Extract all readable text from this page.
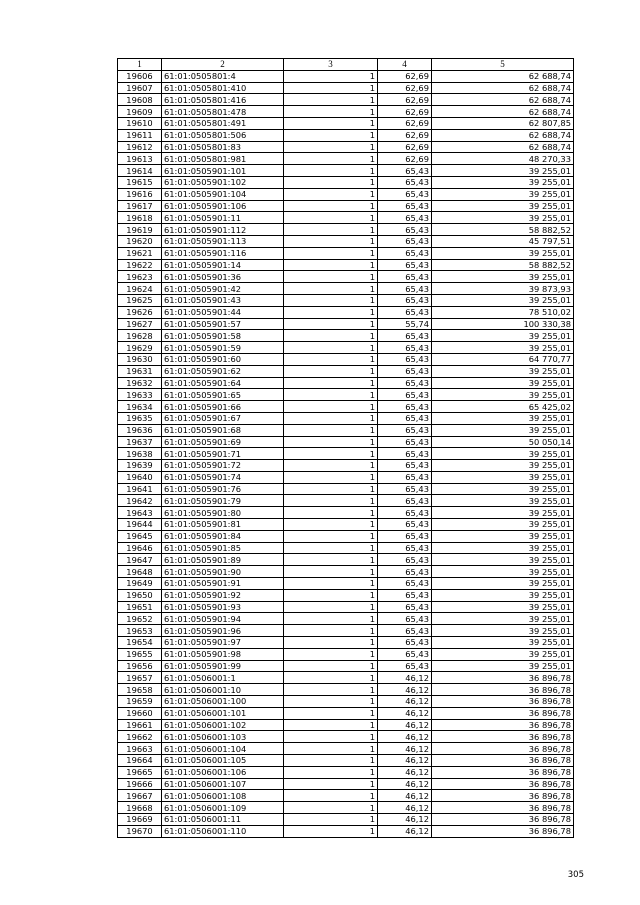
1	2	3	4	5
19606	61:01:0505801:4	1	62,69	62 688,74
19607	61:01:0505801:410	1	62,69	62 688,74
19608	61:01:0505801:416	1	62,69	62 688,74
19609	61:01:0505801:478	1	62,69	62 688,74
19610	61:01:0505801:491	1	62,69	62 807,85
19611	61:01:0505801:506	1	62,69	62 688,74
19612	61:01:0505801:83	1	62,69	62 688,74
19613	61:01:0505801:981	1	62,69	48 270,33
19614	61:01:0505901:101	1	65,43	39 255,01
19615	61:01:0505901:102	1	65,43	39 255,01
19616	61:01:0505901:104	1	65,43	39 255,01
19617	61:01:0505901:106	1	65,43	39 255,01
19618	61:01:0505901:11	1	65,43	39 255,01
19619	61:01:0505901:112	1	65,43	58 882,52
19620	61:01:0505901:113	1	65,43	45 797,51
19621	61:01:0505901:116	1	65,43	39 255,01
19622	61:01:0505901:14	1	65,43	58 882,52
19623	61:01:0505901:36	1	65,43	39 255,01
19624	61:01:0505901:42	1	65,43	39 873,93
19625	61:01:0505901:43	1	65,43	39 255,01
19626	61:01:0505901:44	1	65,43	78 510,02
19627	61:01:0505901:57	1	55,74	100 330,38
19628	61:01:0505901:58	1	65,43	39 255,01
19629	61:01:0505901:59	1	65,43	39 255,01
19630	61:01:0505901:60	1	65,43	64 770,77
19631	61:01:0505901:62	1	65,43	39 255,01
19632	61:01:0505901:64	1	65,43	39 255,01
19633	61:01:0505901:65	1	65,43	39 255,01
19634	61:01:0505901:66	1	65,43	65 425,02
19635	61:01:0505901:67	1	65,43	39 255,01
19636	61:01:0505901:68	1	65,43	39 255,01
19637	61:01:0505901:69	1	65,43	50 050,14
19638	61:01:0505901:71	1	65,43	39 255,01
19639	61:01:0505901:72	1	65,43	39 255,01
19640	61:01:0505901:74	1	65,43	39 255,01
19641	61:01:0505901:76	1	65,43	39 255,01
19642	61:01:0505901:79	1	65,43	39 255,01
19643	61:01:0505901:80	1	65,43	39 255,01
19644	61:01:0505901:81	1	65,43	39 255,01
19645	61:01:0505901:84	1	65,43	39 255,01
19646	61:01:0505901:85	1	65,43	39 255,01
19647	61:01:0505901:89	1	65,43	39 255,01
19648	61:01:0505901:90	1	65,43	39 255,01
19649	61:01:0505901:91	1	65,43	39 255,01
19650	61:01:0505901:92	1	65,43	39 255,01
19651	61:01:0505901:93	1	65,43	39 255,01
19652	61:01:0505901:94	1	65,43	39 255,01
19653	61:01:0505901:96	1	65,43	39 255,01
19654	61:01:0505901:97	1	65,43	39 255,01
19655	61:01:0505901:98	1	65,43	39 255,01
19656	61:01:0505901:99	1	65,43	39 255,01
19657	61:01:0506001:1	1	46,12	36 896,78
19658	61:01:0506001:10	1	46,12	36 896,78
19659	61:01:0506001:100	1	46,12	36 896,78
19660	61:01:0506001:101	1	46,12	36 896,78
19661	61:01:0506001:102	1	46,12	36 896,78
19662	61:01:0506001:103	1	46,12	36 896,78
19663	61:01:0506001:104	1	46,12	36 896,78
19664	61:01:0506001:105	1	46,12	36 896,78
19665	61:01:0506001:106	1	46,12	36 896,78
19666	61:01:0506001:107	1	46,12	36 896,78
19667	61:01:0506001:108	1	46,12	36 896,78
19668	61:01:0506001:109	1	46,12	36 896,78
19669	61:01:0506001:11	1	46,12	36 896,78
19670	61:01:0506001:110	1	46,12	36 896,78
305
